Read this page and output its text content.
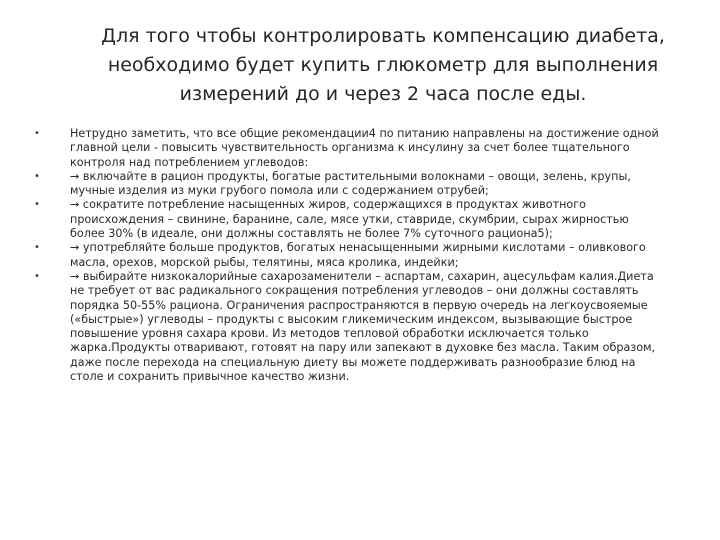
Для того чтобы контролировать компенсацию диабета, необходимо будет купить глюкометр для выполнения измерений до и через 2 часа после еды.
•	Нетрудно заметить, что все общие рекомендации4 по питанию направлены на достижение одной главной цели - повысить чувствительность организма к инсулину за счет более тщательного контроля над потреблением углеводов:
•	→ включайте в рацион продукты, богатые растительными волокнами – овощи, зелень, крупы, мучные изделия из муки грубого помола или с содержанием отрубей;
•	→ сократите потребление насыщенных жиров, содержащихся в продуктах животного происхождения – свинине, баранине, сале, мясе утки, ставриде, скумбрии, сырах жирностью более 30% (в идеале, они должны составлять не более 7% суточного рациона5);
•	→ употребляйте больше продуктов, богатых ненасыщенными жирными кислотами – оливкового масла, орехов, морской рыбы, телятины, мяса кролика, индейки;
•	→ выбирайте низкокалорийные сахарозаменители – аспартам, сахарин, ацесульфам калия.Диета не требует от вас радикального сокращения потребления углеводов – они должны составлять порядка 50-55% рациона. Ограничения распространяются в первую очередь на легкоусвояемые («быстрые») углеводы – продукты с высоким гликемическим индексом, вызывающие быстрое повышение уровня сахара крови. Из методов тепловой обработки исключается только жарка.Продукты отваривают, готовят на пару или запекают в духовке без масла. Таким образом, даже после перехода на специальную диету вы можете поддерживать разнообразие блюд на столе и сохранить привычное качество жизни.
